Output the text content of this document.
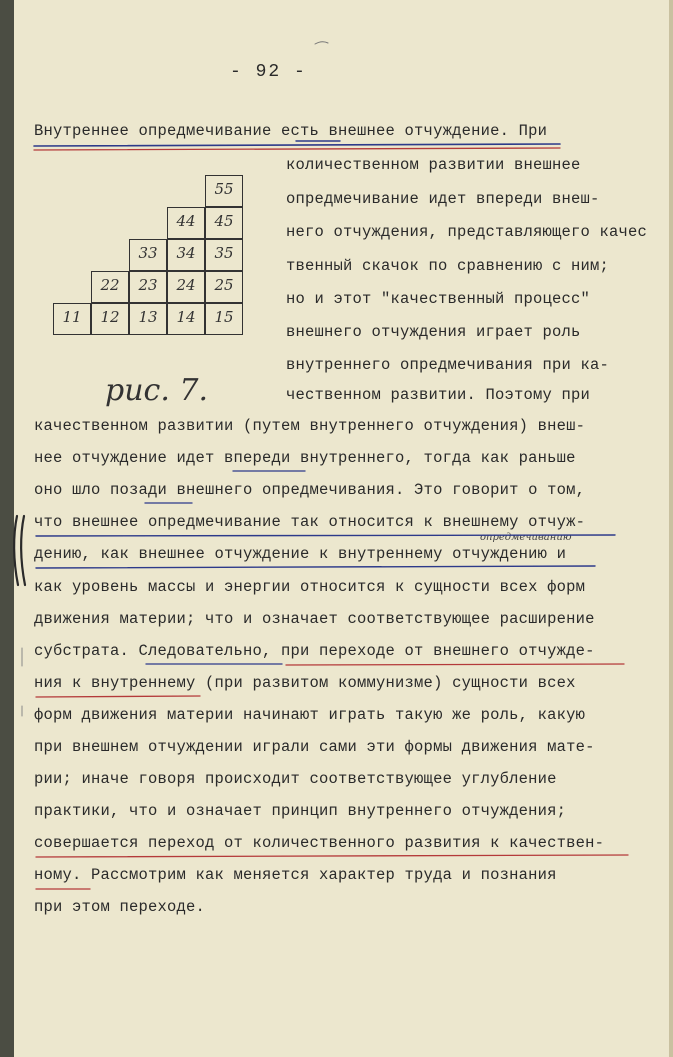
- 92 -
рис. 7.
Внутреннее опредмечивание есть внешнее отчуждение. При
количественном развитии внешнее
опредмечивание идет впереди внеш-
него отчуждения, представляющего качес
твенный скачок по сравнению с ним;
но и этот "качественный процесс"
внешнего отчуждения играет роль
внутреннего опредмечивания при ка-
чественном развитии. Поэтому при
качественном развитии (путем внутреннего отчуждения) внеш-
нее отчуждение идет впереди внутреннего, тогда как раньше
оно шло позади внешнего опредмечивания. Это говорит о том,
что внешнее опредмечивание так относится к внешнему отчуж-
опредмечиванию
дению, как внешнее отчуждение к внутреннему отчуждению и
как уровень массы и энергии относится к сущности всех форм
движения материи; что и означает соответствующее расширение
субстрата. Следовательно, при переходе от внешнего отчужде-
ния к внутреннему (при развитом коммунизме) сущности всех
форм движения материи начинают играть такую же роль, какую
при внешнем отчуждении играли сами эти формы движения мате-
рии; иначе говоря происходит соответствующее углубление
практики, что и означает принцип внутреннего отчуждения;
совершается переход от количественного развития к качествен-
ному. Рассмотрим как меняется характер труда и познания
при этом переходе.
55
44	45
33	34	35
22	23	24	25
11	12	13	14	15
